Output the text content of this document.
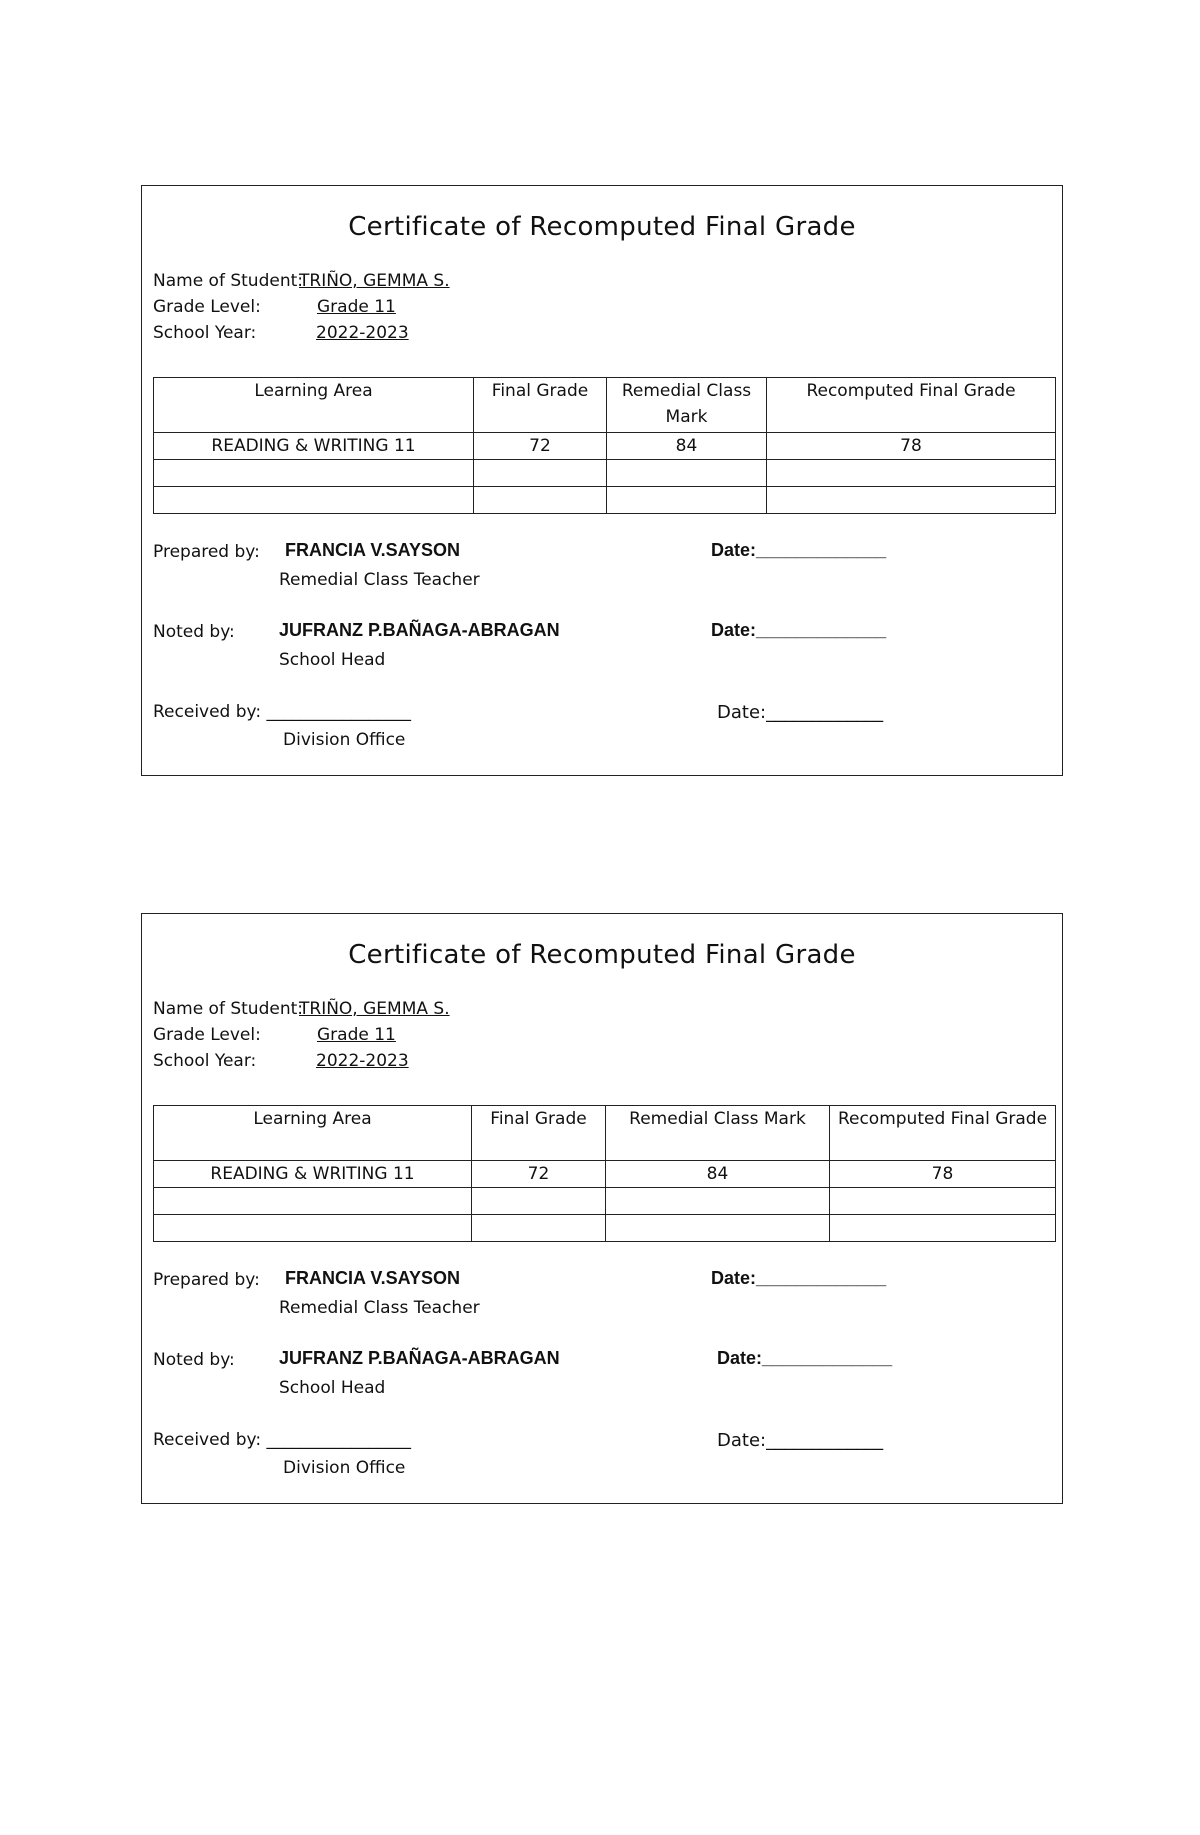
Certificate of Recomputed Final Grade
Name of Student:
TRIÑO, GEMMA S.
Grade Level:	Grade 11
School Year:	2022-2023
Learning Area	Final Grade	Remedial Class Mark	Recomputed Final Grade
READING & WRITING 11	72	84	78

Prepared by: FRANCIA V.SAYSON
Remedial Class Teacher
Date:_____________
Noted by: JUFRANZ P.BAÑAGA-ABRAGAN
School Head
Date:_____________
Received by: _________________
Division Office
Date:_____________
Certificate of Recomputed Final Grade
Name of Student:
TRIÑO, GEMMA S.
Grade Level:	Grade 11
School Year:	2022-2023
Learning Area	Final Grade	Remedial Class Mark	Recomputed Final Grade
READING & WRITING 11	72	84	78

Prepared by: FRANCIA V.SAYSON
Remedial Class Teacher
Date:_____________
Noted by: JUFRANZ P.BAÑAGA-ABRAGAN
School Head
Date:_____________
Received by: _________________
Division Office
Date:_____________
